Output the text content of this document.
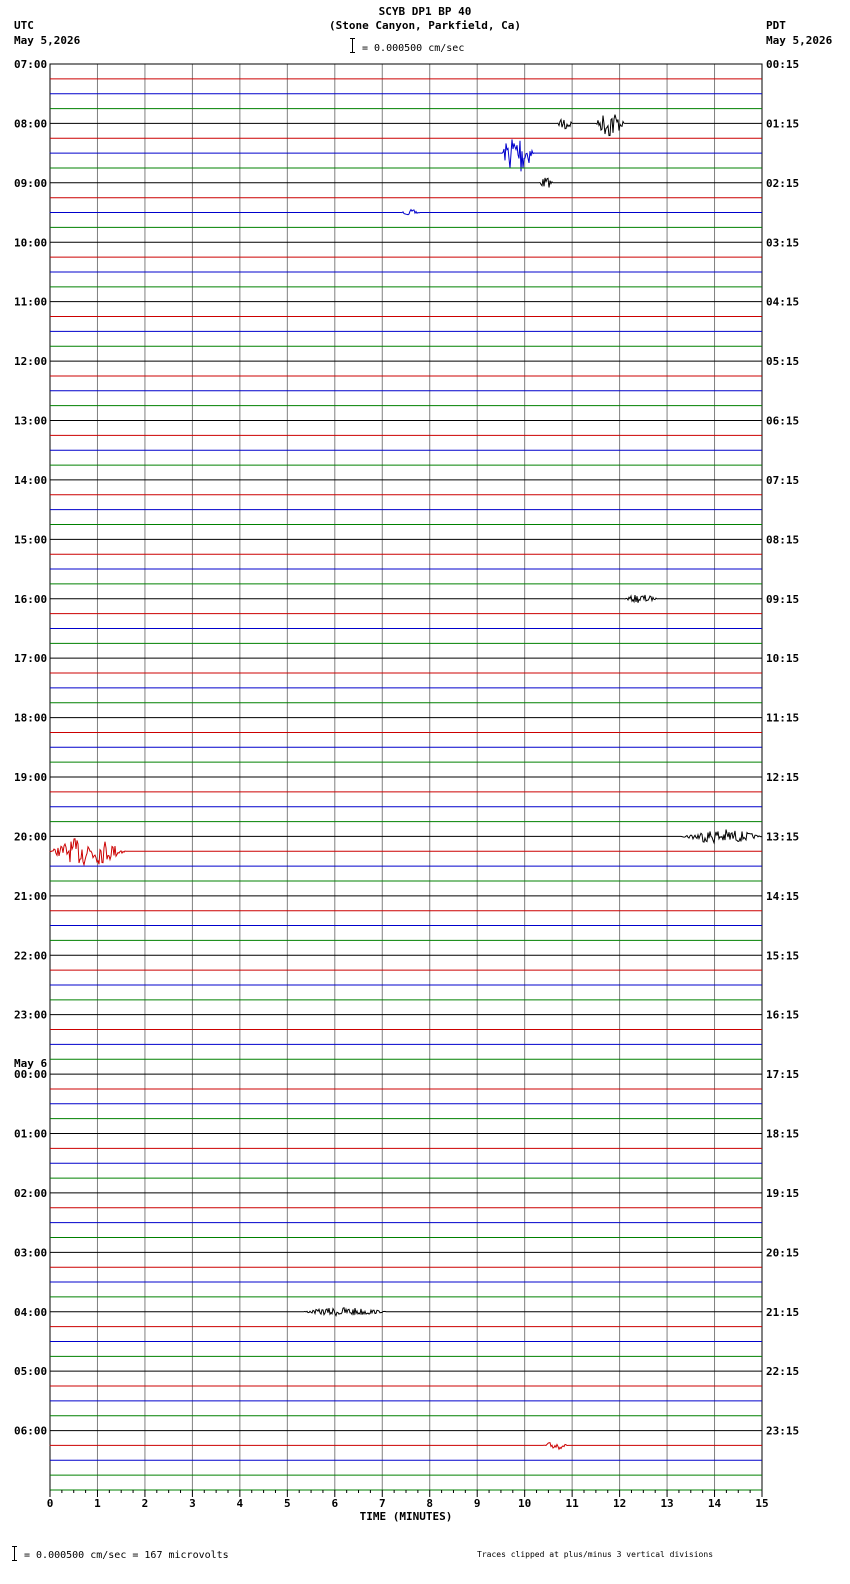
SCYB DP1 BP 40
(Stone Canyon, Parkfield, Ca)
= 0.000500 cm/sec
UTC
May 5,2026
PDT
May 5,2026
07:00	00:15
08:00	01:15
09:00	02:15
10:00	03:15
11:00	04:15
12:00	05:15
13:00	06:15
14:00	07:15
15:00	08:15
16:00	09:15
17:00	10:15
18:00	11:15
19:00	12:15
20:00	13:15
21:00	14:15
22:00	15:15
23:00	16:15
May 6
00:00	17:15
01:00	18:15
02:00	19:15
03:00	20:15
04:00	21:15
05:00	22:15
06:00	23:15
0	1	2	3	4	5	6	7	8	9	10	11	12	13	14	15
TIME (MINUTES)
= 0.000500 cm/sec = 167 microvolts	Traces clipped at plus/minus 3 vertical divisions
